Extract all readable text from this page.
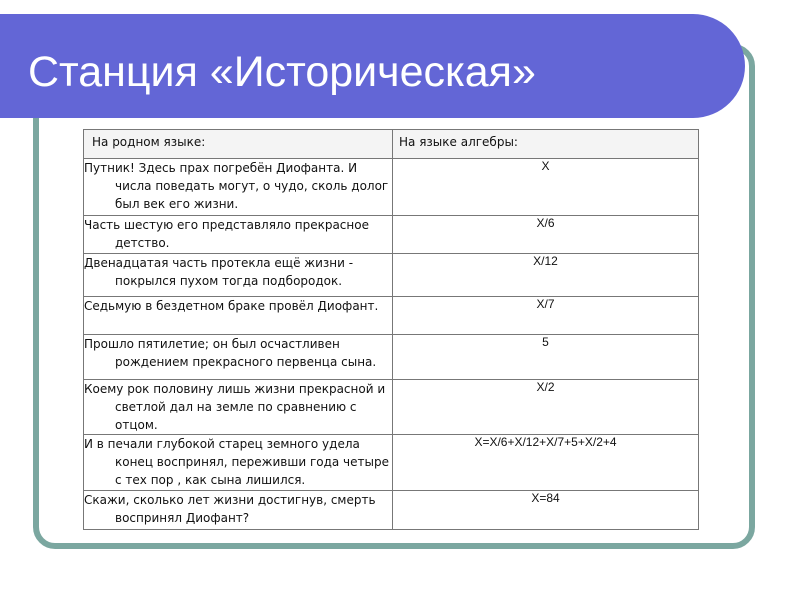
Станция «Историческая»
На родном языке:	На языке алгебры:

Путник! Здесь прах погребён Диофанта. И числа поведать могут, о чудо, сколь долог был век его жизни.	X

Часть шестую его представляло прекрасное детство.	X/6

Двенадцатая часть протекла ещё жизни - покрылся пухом тогда подбородок.	X/12

Седьмую в бездетном браке провёл Диофант.	X/7

Прошло пятилетие; он был осчастливен рождением прекрасного первенца сына.	5

Коему рок половину лишь жизни прекрасной и светлой дал на земле по сравнению с отцом.	X/2

И в печали глубокой старец земного удела конец воспринял, переживши года четыре с тех пор , как сына лишился.	X=X/6+X/12+X/7+5+X/2+4

Скажи, сколько лет жизни достигнув, смерть воспринял Диофант?	X=84
